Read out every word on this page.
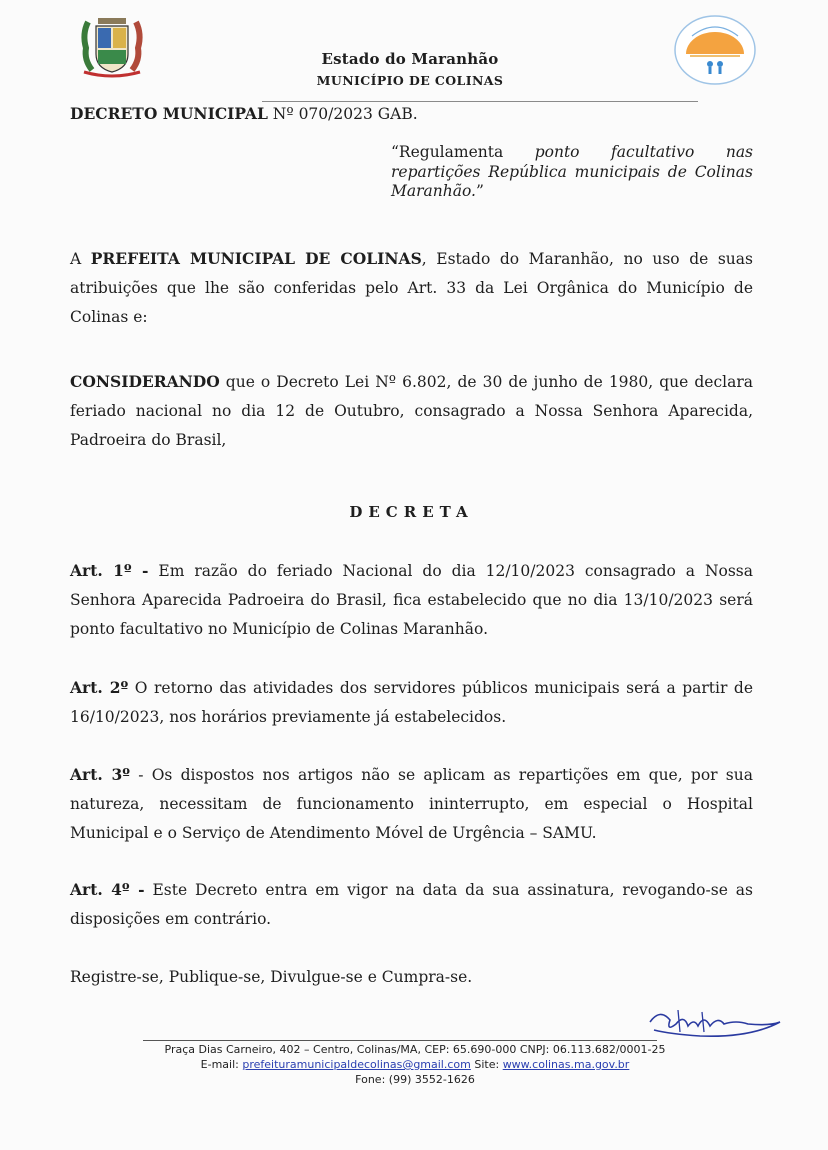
Estado do Maranhão
MUNICÍPIO DE COLINAS
DECRETO MUNICIPAL Nº 070/2023 GAB.
“Regulamenta ponto facultativo nas repartições República municipais de Colinas Maranhão.”
A PREFEITA MUNICIPAL DE COLINAS, Estado do Maranhão, no uso de suas atribuições que lhe são conferidas pelo Art. 33 da Lei Orgânica do Município de Colinas e:
CONSIDERANDO que o Decreto Lei Nº 6.802, de 30 de junho de 1980, que declara feriado nacional no dia 12 de Outubro, consagrado a Nossa Senhora Aparecida, Padroeira do Brasil,
DECRETA
Art. 1º - Em razão do feriado Nacional do dia 12/10/2023 consagrado a Nossa Senhora Aparecida Padroeira do Brasil, fica estabelecido que no dia 13/10/2023 será ponto facultativo no Município de Colinas Maranhão.
Art. 2º O retorno das atividades dos servidores públicos municipais será a partir de 16/10/2023, nos horários previamente já estabelecidos.
Art. 3º - Os dispostos nos artigos não se aplicam as repartições em que, por sua natureza, necessitam de funcionamento ininterrupto, em especial o Hospital Municipal e o Serviço de Atendimento Móvel de Urgência – SAMU.
Art. 4º - Este Decreto entra em vigor na data da sua assinatura, revogando-se as disposições em contrário.
Registre-se, Publique-se, Divulgue-se e Cumpra-se.
Praça Dias Carneiro, 402 – Centro, Colinas/MA, CEP: 65.690-000 CNPJ: 06.113.682/0001-25
E-mail: prefeituramunicipaldecolinas@gmail.com Site: www.colinas.ma.gov.br
Fone: (99) 3552-1626
